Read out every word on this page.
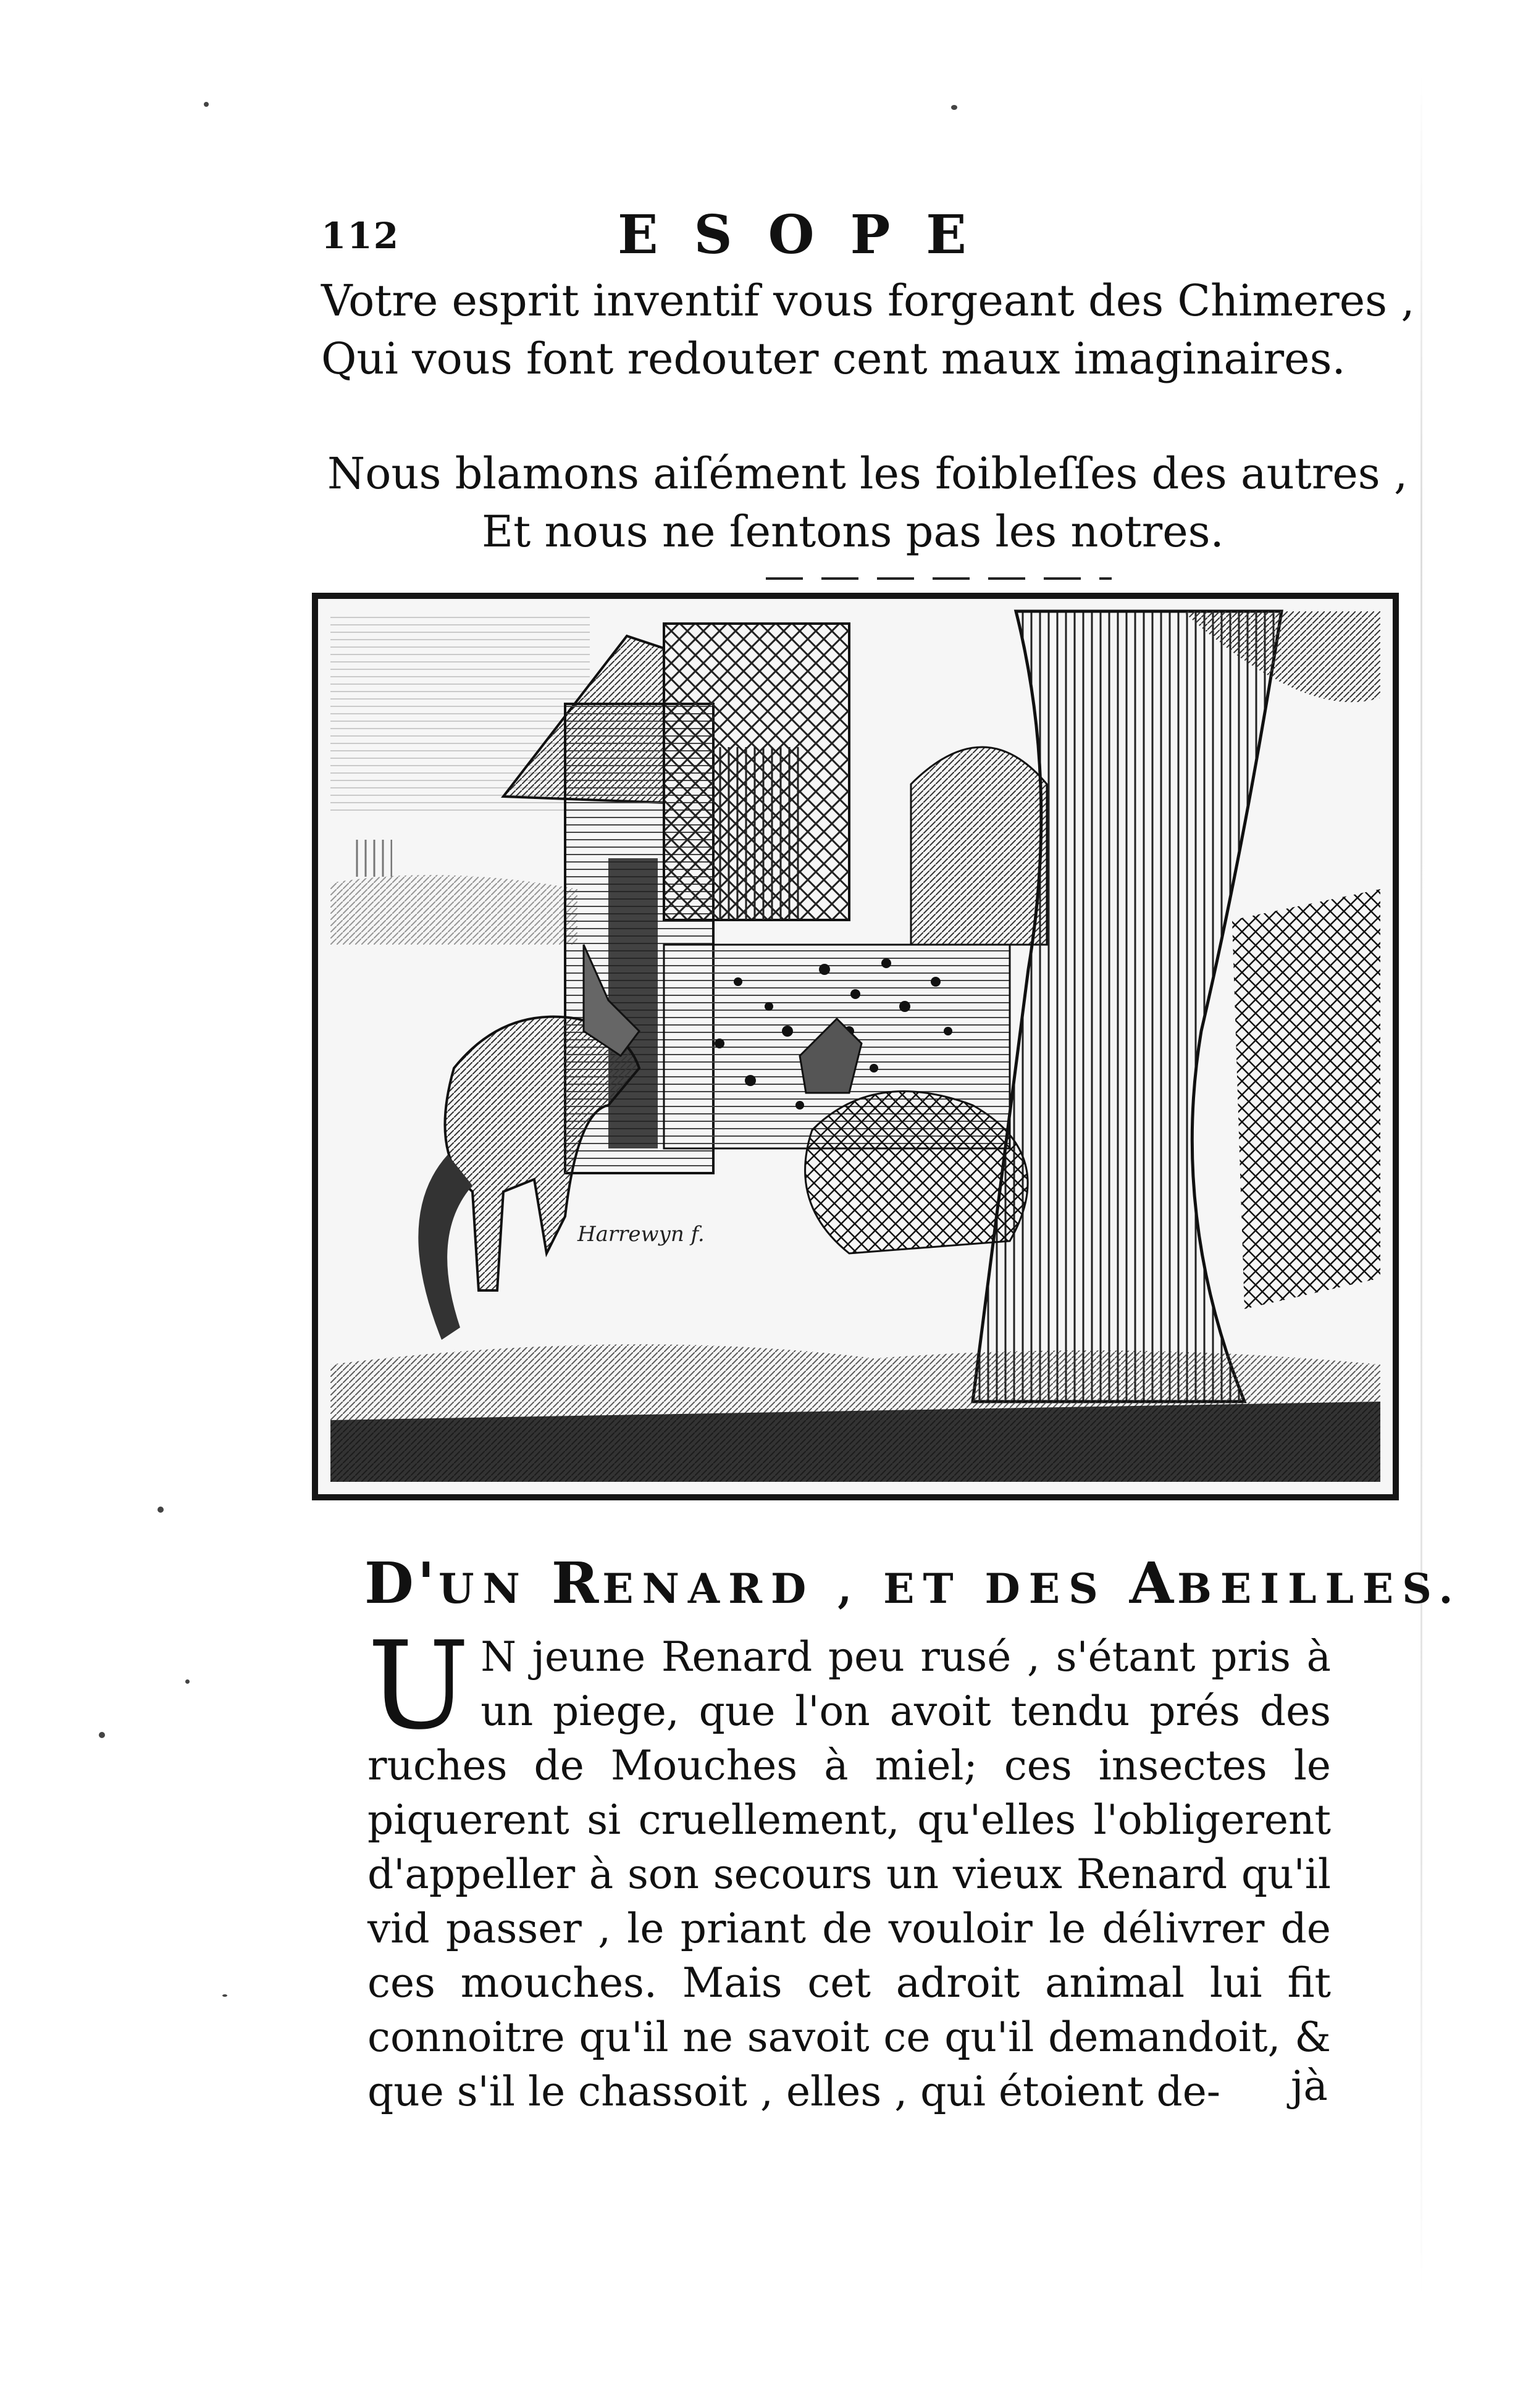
112	ESOPE
Votre esprit inventif vous forgeant des Chimeres ,
Qui vous font redouter cent maux imaginaires.
Nous blamons aiſément les foibleſſes des autres ,
Et nous ne ſentons pas les notres.
Harrewyn f.
D'UN RENARD , ET DES ABEILLES.
U N jeune Renard peu rusé , s'étant pris à un piege, que l'on avoit tendu prés des ruches de Mouches à miel; ces insectes le piquerent si cruellement, qu'elles l'obligerent d'appeller à son secours un vieux Renard qu'il vid passer , le priant de vouloir le délivrer de ces mouches. Mais cet adroit animal lui fit connoitre qu'il ne savoit ce qu'il demandoit, & que s'il le chassoit , elles , qui étoient de-	jà
